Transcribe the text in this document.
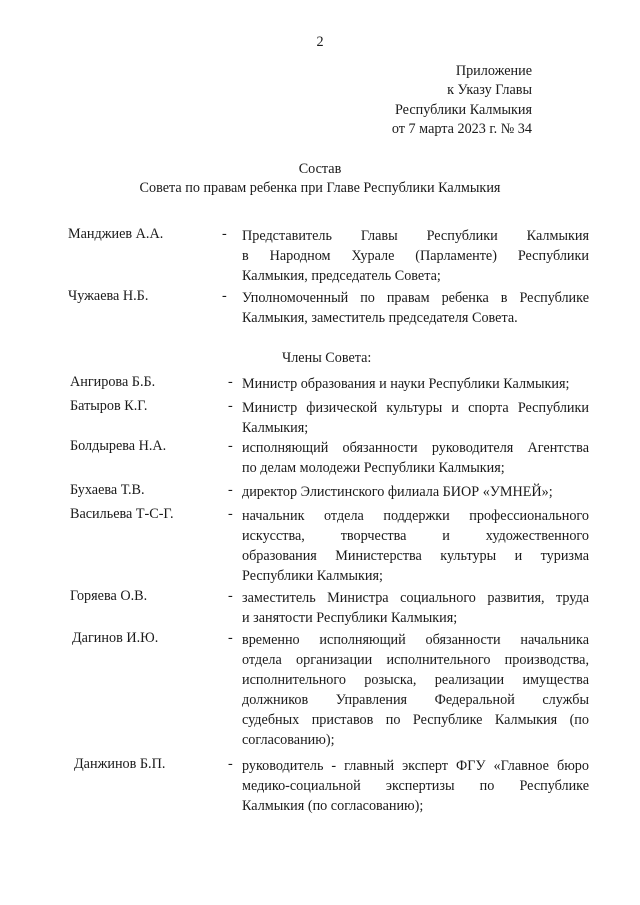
2
Приложение
к Указу Главы
Республики Калмыкия
от 7 марта 2023 г. № 34
Состав
Совета по правам ребенка при Главе Республики Калмыкия
Манджиев А.А.	- Представитель Главы Республики Калмыкия
в Народном Хурале (Парламенте) Республики
Калмыкия, председатель Совета;
Чужаева Н.Б.	- Уполномоченный по правам ребенка в Республике
Калмыкия, заместитель председателя Совета.
Члены Совета:
Ангирова Б.Б.	- Министр образования и науки Республики Калмыкия;
Батыров К.Г.	- Министр физической культуры и спорта Республики
Калмыкия;
Болдырева Н.А.	- исполняющий обязанности руководителя Агентства
по делам молодежи Республики Калмыкия;
Бухаева Т.В.	- директор Элистинского филиала БИОР «УМНЕЙ»;
Васильева Т-С-Г.	- начальник отдела поддержки профессионального
искусства, творчества и художественного
образования Министерства культуры и туризма
Республики Калмыкия;
Горяева О.В.	- заместитель Министра социального развития, труда
и занятости Республики Калмыкия;
Дагинов И.Ю.	- временно исполняющий обязанности начальника
отдела организации исполнительного производства,
исполнительного розыска, реализации имущества
должников Управления Федеральной службы
судебных приставов по Республике Калмыкия (по
согласованию);
Данжинов Б.П.	- руководитель - главный эксперт ФГУ «Главное бюро
медико-социальной экспертизы по Республике
Калмыкия (по согласованию);
